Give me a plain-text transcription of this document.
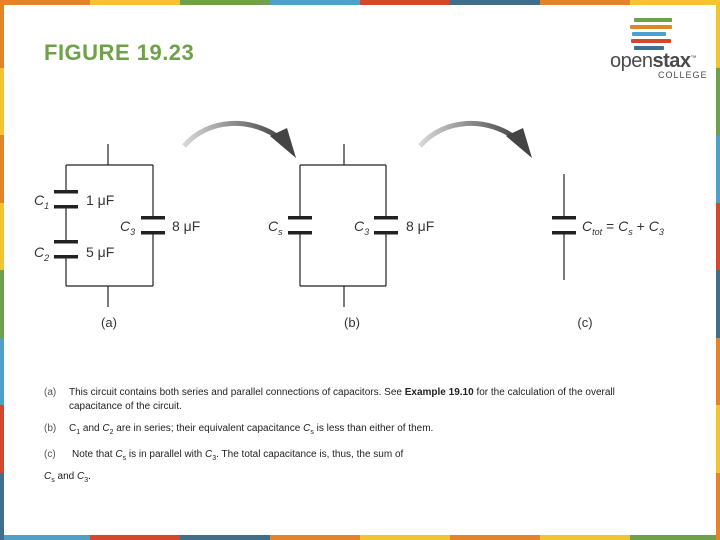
FIGURE 19.23	openstax™
COLLEGE
$C_1$	1 μF
$C_2$	5 μF
$C_3$	8 μF
(a)
$C_s$	$C_3$	8 μF
(b)
$C_{tot} = C_s + C_3$
(c)
(a) This circuit contains both series and parallel connections of capacitors. See Example 19.10 for the calculation of the overall capacitance of the circuit.
(b) $C_1$ and $C_2$ are in series; their equivalent capacitance $C_s$ is less than either of them.
(c) Note that $C_s$ is in parallel with $C_3$. The total capacitance is, thus, the sum of
$C_s$ and $C_3$.
